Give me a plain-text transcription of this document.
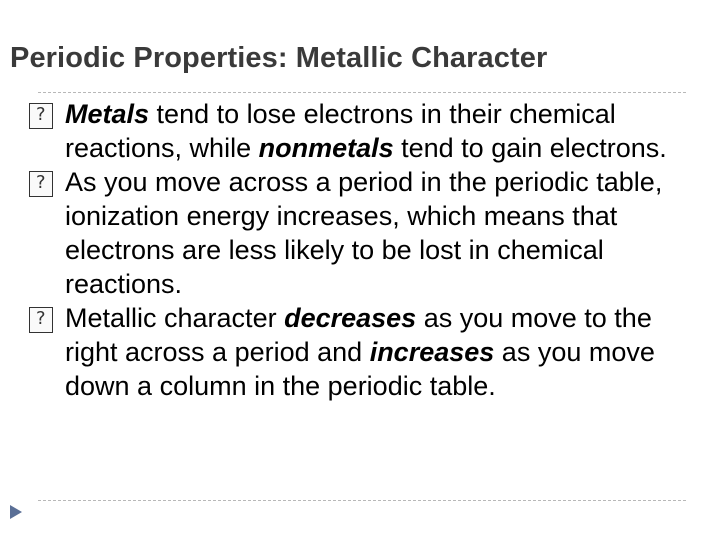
Periodic Properties: Metallic Character

?
Metals tend to lose electrons in their chemical reactions, while nonmetals tend to gain electrons.

?
As you move across a period in the periodic table, ionization energy increases, which means that electrons are less likely to be lost in chemical reactions.

?
Metallic character decreases as you move to the right across a period and increases as you move down a column in the periodic table.
